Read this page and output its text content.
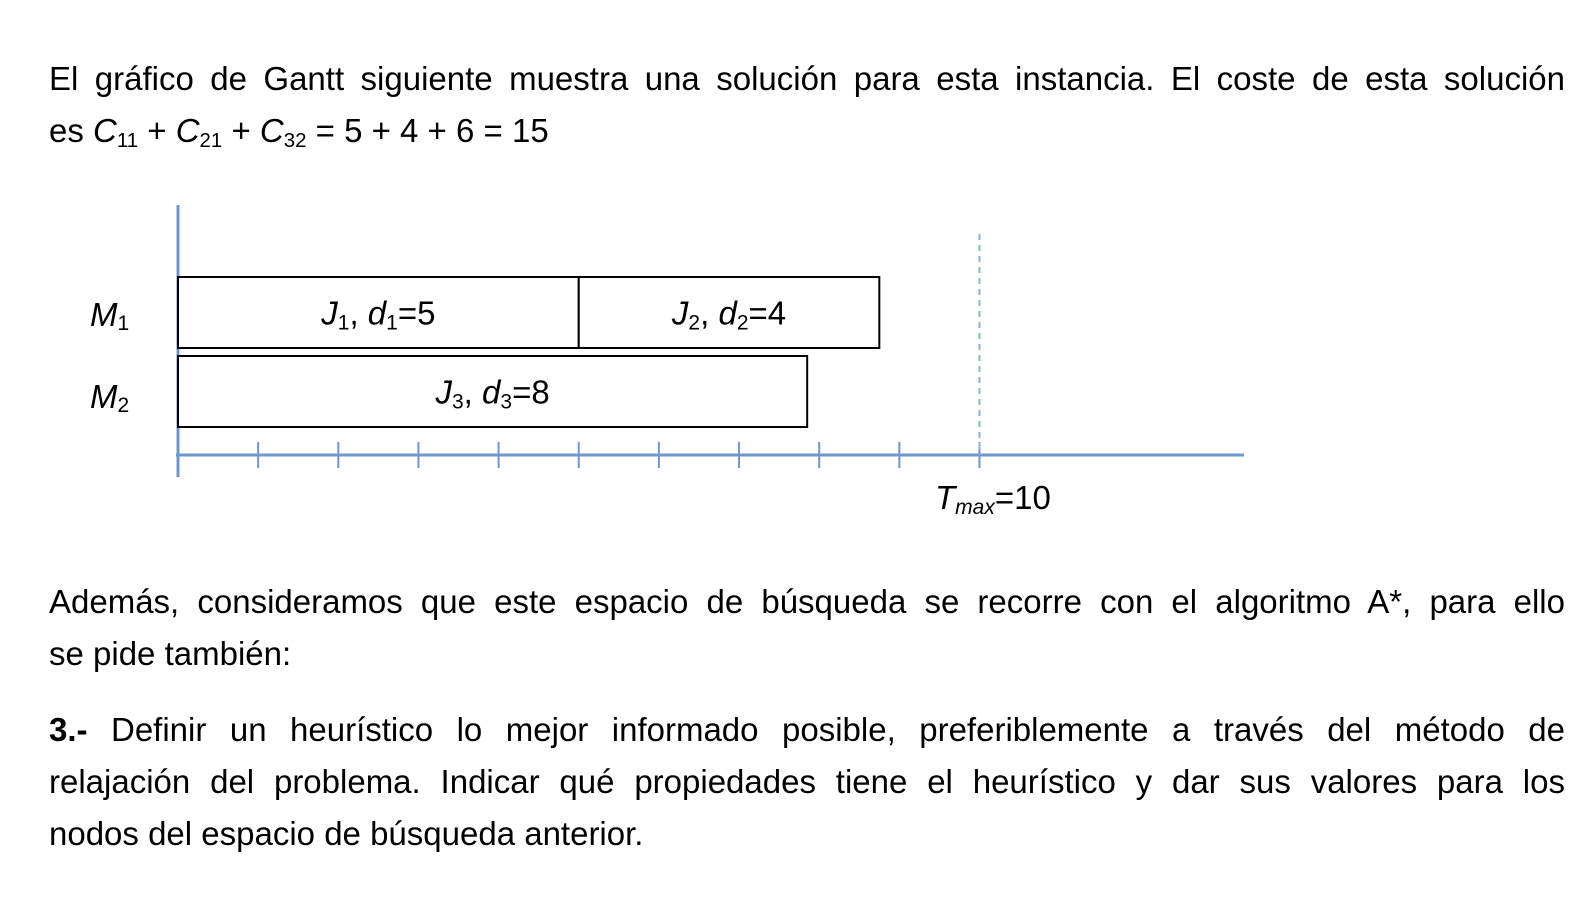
El gráfico de Gantt siguiente muestra una solución para esta instancia. El coste de esta solución
es $C_{11} + C_{21} + C_{32} = 5 + 4 + 6 = 15$
J1, d1=5	J2, d2=4
J3, d3=8
M1
M2
Tmax=10
Además, consideramos que este espacio de búsqueda se recorre con el algoritmo A*, para ello
se pide también:
3.- Definir un heurístico lo mejor informado posible, preferiblemente a través del método de
relajación del problema. Indicar qué propiedades tiene el heurístico y dar sus valores para los
nodos del espacio de búsqueda anterior.
